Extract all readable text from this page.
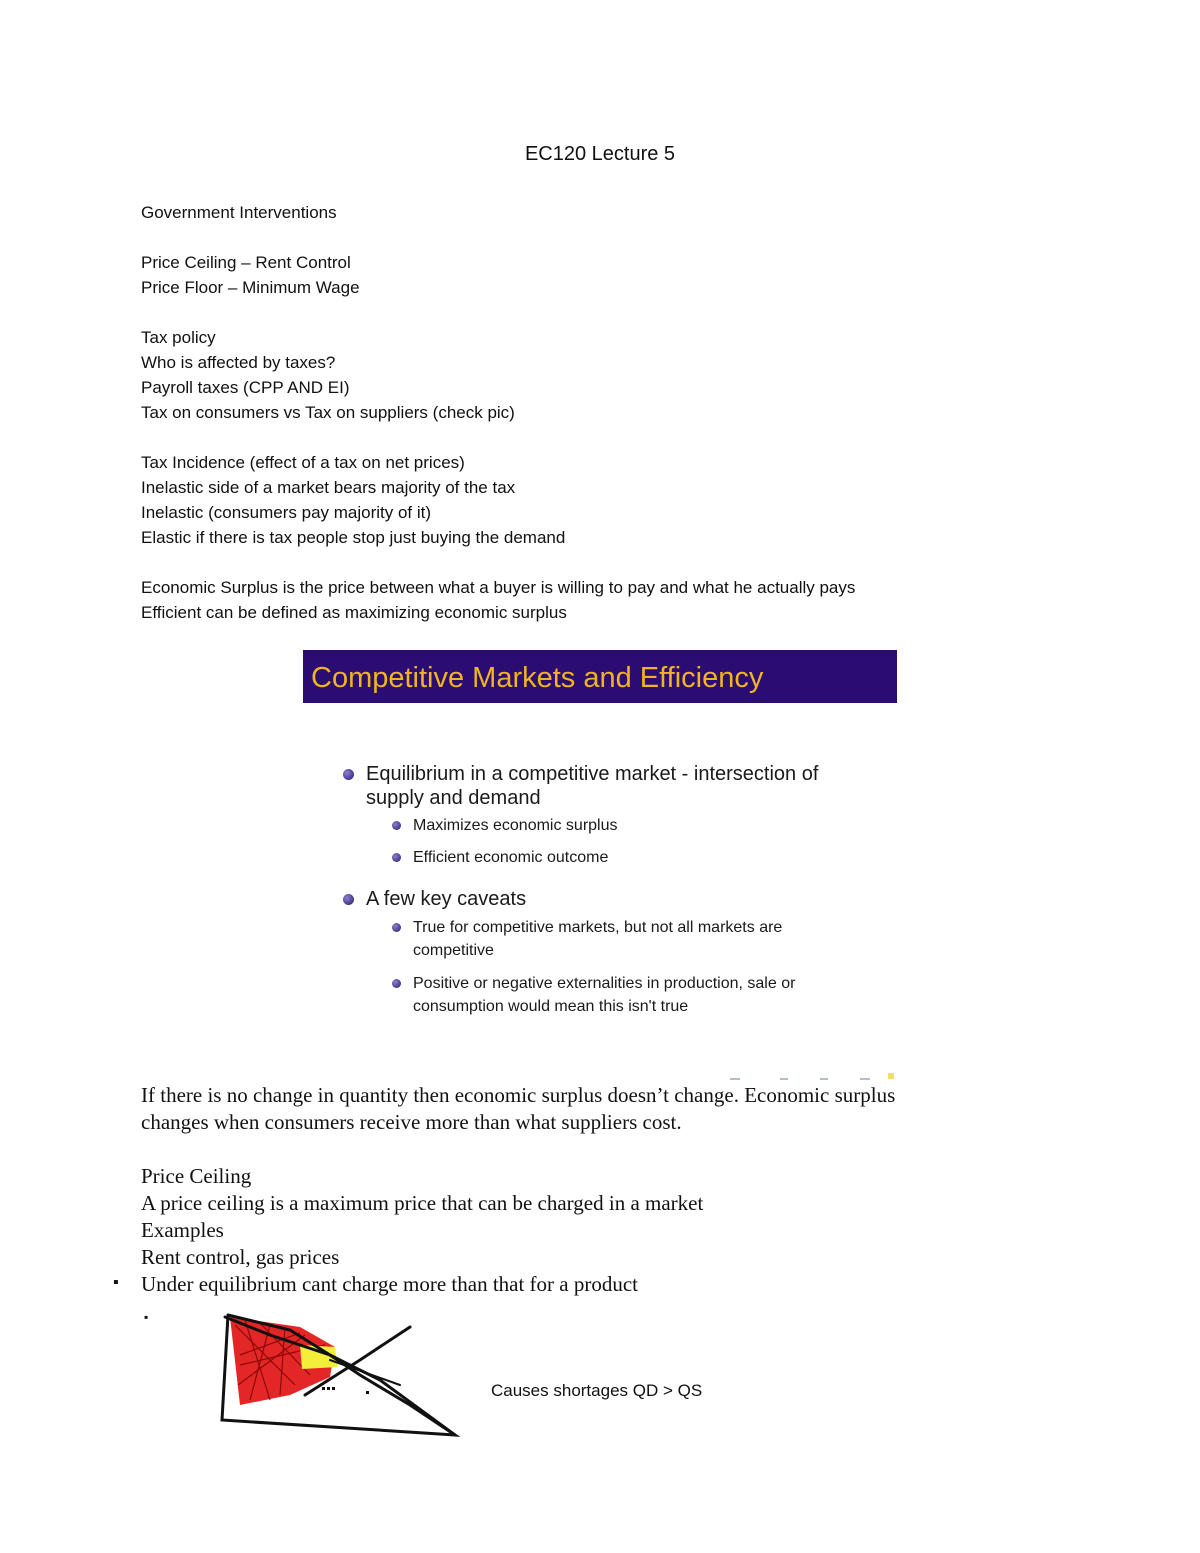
EC120 Lecture 5

Government Interventions

Price Ceiling – Rent Control

Price Floor – Minimum Wage

Tax policy

Who is affected by taxes?

Payroll taxes (CPP AND EI)

Tax on consumers vs Tax on suppliers (check pic)

Tax Incidence (effect of a tax on net prices)

Inelastic side of a market bears majority of the tax

Inelastic (consumers pay majority of it)

Elastic if there is tax people stop just buying the demand

Economic Surplus is the price between what a buyer is willing to pay and what he actually pays

Efficient can be defined as maximizing economic surplus

Competitive Markets and Efficiency
Equilibrium in a competitive market - intersection of
supply and demand
Maximizes economic surplus
Efficient economic outcome
A few key caveats
True for competitive markets, but not all markets are
competitive
Positive or negative externalities in production, sale or
consumption would mean this isn't true

If there is no change in quantity then economic surplus doesn’t change. Economic surplus

changes when consumers receive more than what suppliers cost.

Price Ceiling

A price ceiling is a maximum price that can be charged in a market

Examples

Rent control, gas prices

Under equilibrium cant charge more than that for a product

▪
▪
Causes shortages QD > QS
